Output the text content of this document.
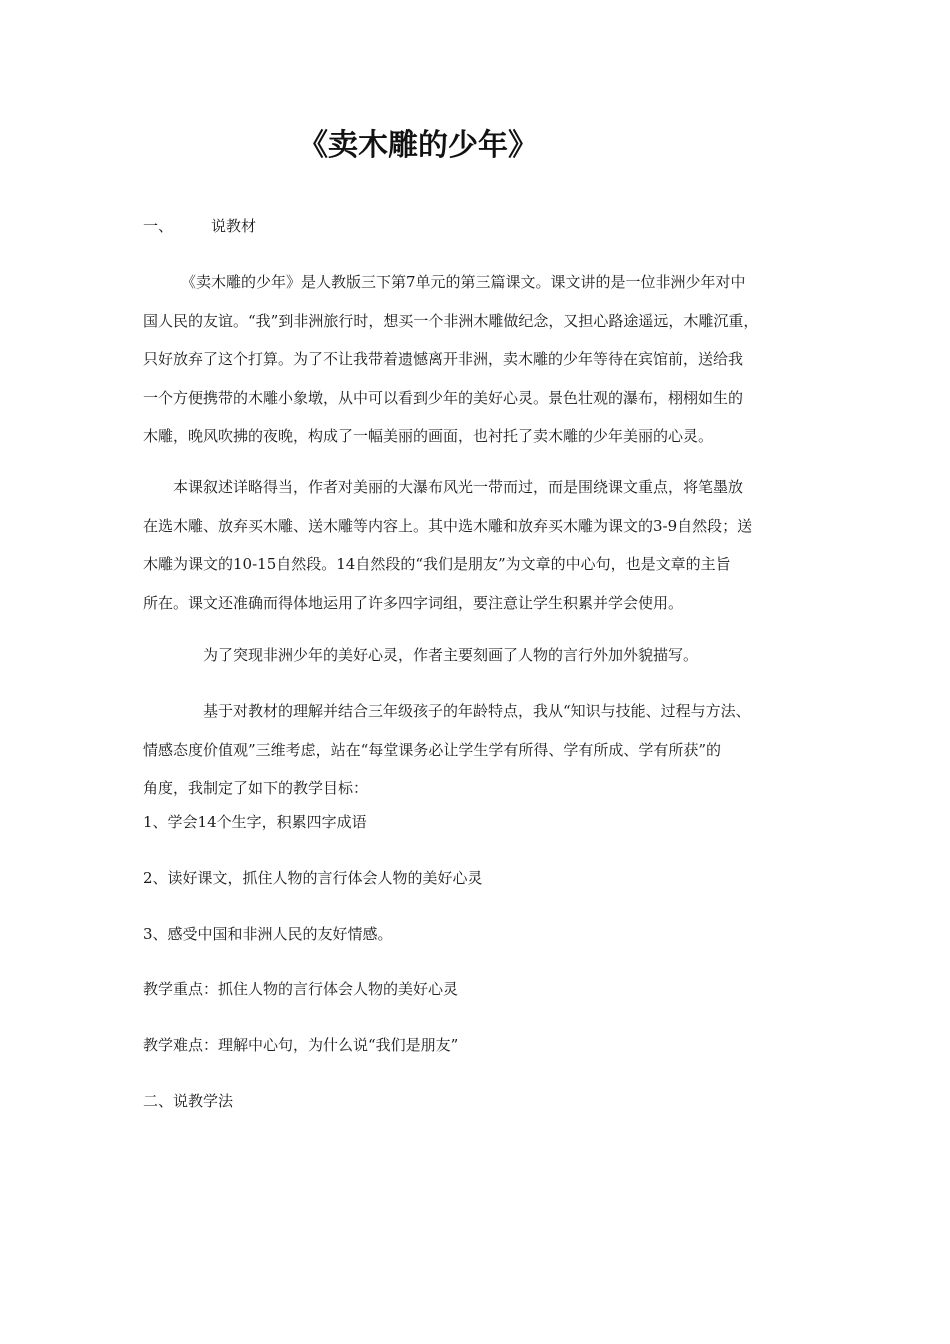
《卖木雕的少年》

一、	说教材

《卖木雕的少年》是人教版三下第7单元的第三篇课文。课文讲的是一位非洲少年对中
国人民的友谊。“我”到非洲旅行时，想买一个非洲木雕做纪念，又担心路途遥远，木雕沉重，
只好放弃了这个打算。为了不让我带着遗憾离开非洲，卖木雕的少年等待在宾馆前，送给我
一个方便携带的木雕小象墩，从中可以看到少年的美好心灵。景色壮观的瀑布，栩栩如生的
木雕，晚风吹拂的夜晚，构成了一幅美丽的画面，也衬托了卖木雕的少年美丽的心灵。
本课叙述详略得当，作者对美丽的大瀑布风光一带而过，而是围绕课文重点，将笔墨放
在选木雕、放弃买木雕、送木雕等内容上。其中选木雕和放弃买木雕为课文的3-9自然段；送
木雕为课文的10-15自然段。14自然段的“我们是朋友”为文章的中心句，也是文章的主旨
所在。课文还准确而得体地运用了许多四字词组，要注意让学生积累并学会使用。

为了突现非洲少年的美好心灵，作者主要刻画了人物的言行外加外貌描写。

基于对教材的理解并结合三年级孩子的年龄特点，我从“知识与技能、过程与方法、
情感态度价值观”三维考虑，站在“每堂课务必让学生学有所得、学有所成、学有所获”的
角度，我制定了如下的教学目标：

1、学会14个生字，积累四字成语

2、读好课文，抓住人物的言行体会人物的美好心灵

3、感受中国和非洲人民的友好情感。

教学重点：抓住人物的言行体会人物的美好心灵

教学难点：理解中心句，为什么说“我们是朋友”

二、说教学法
